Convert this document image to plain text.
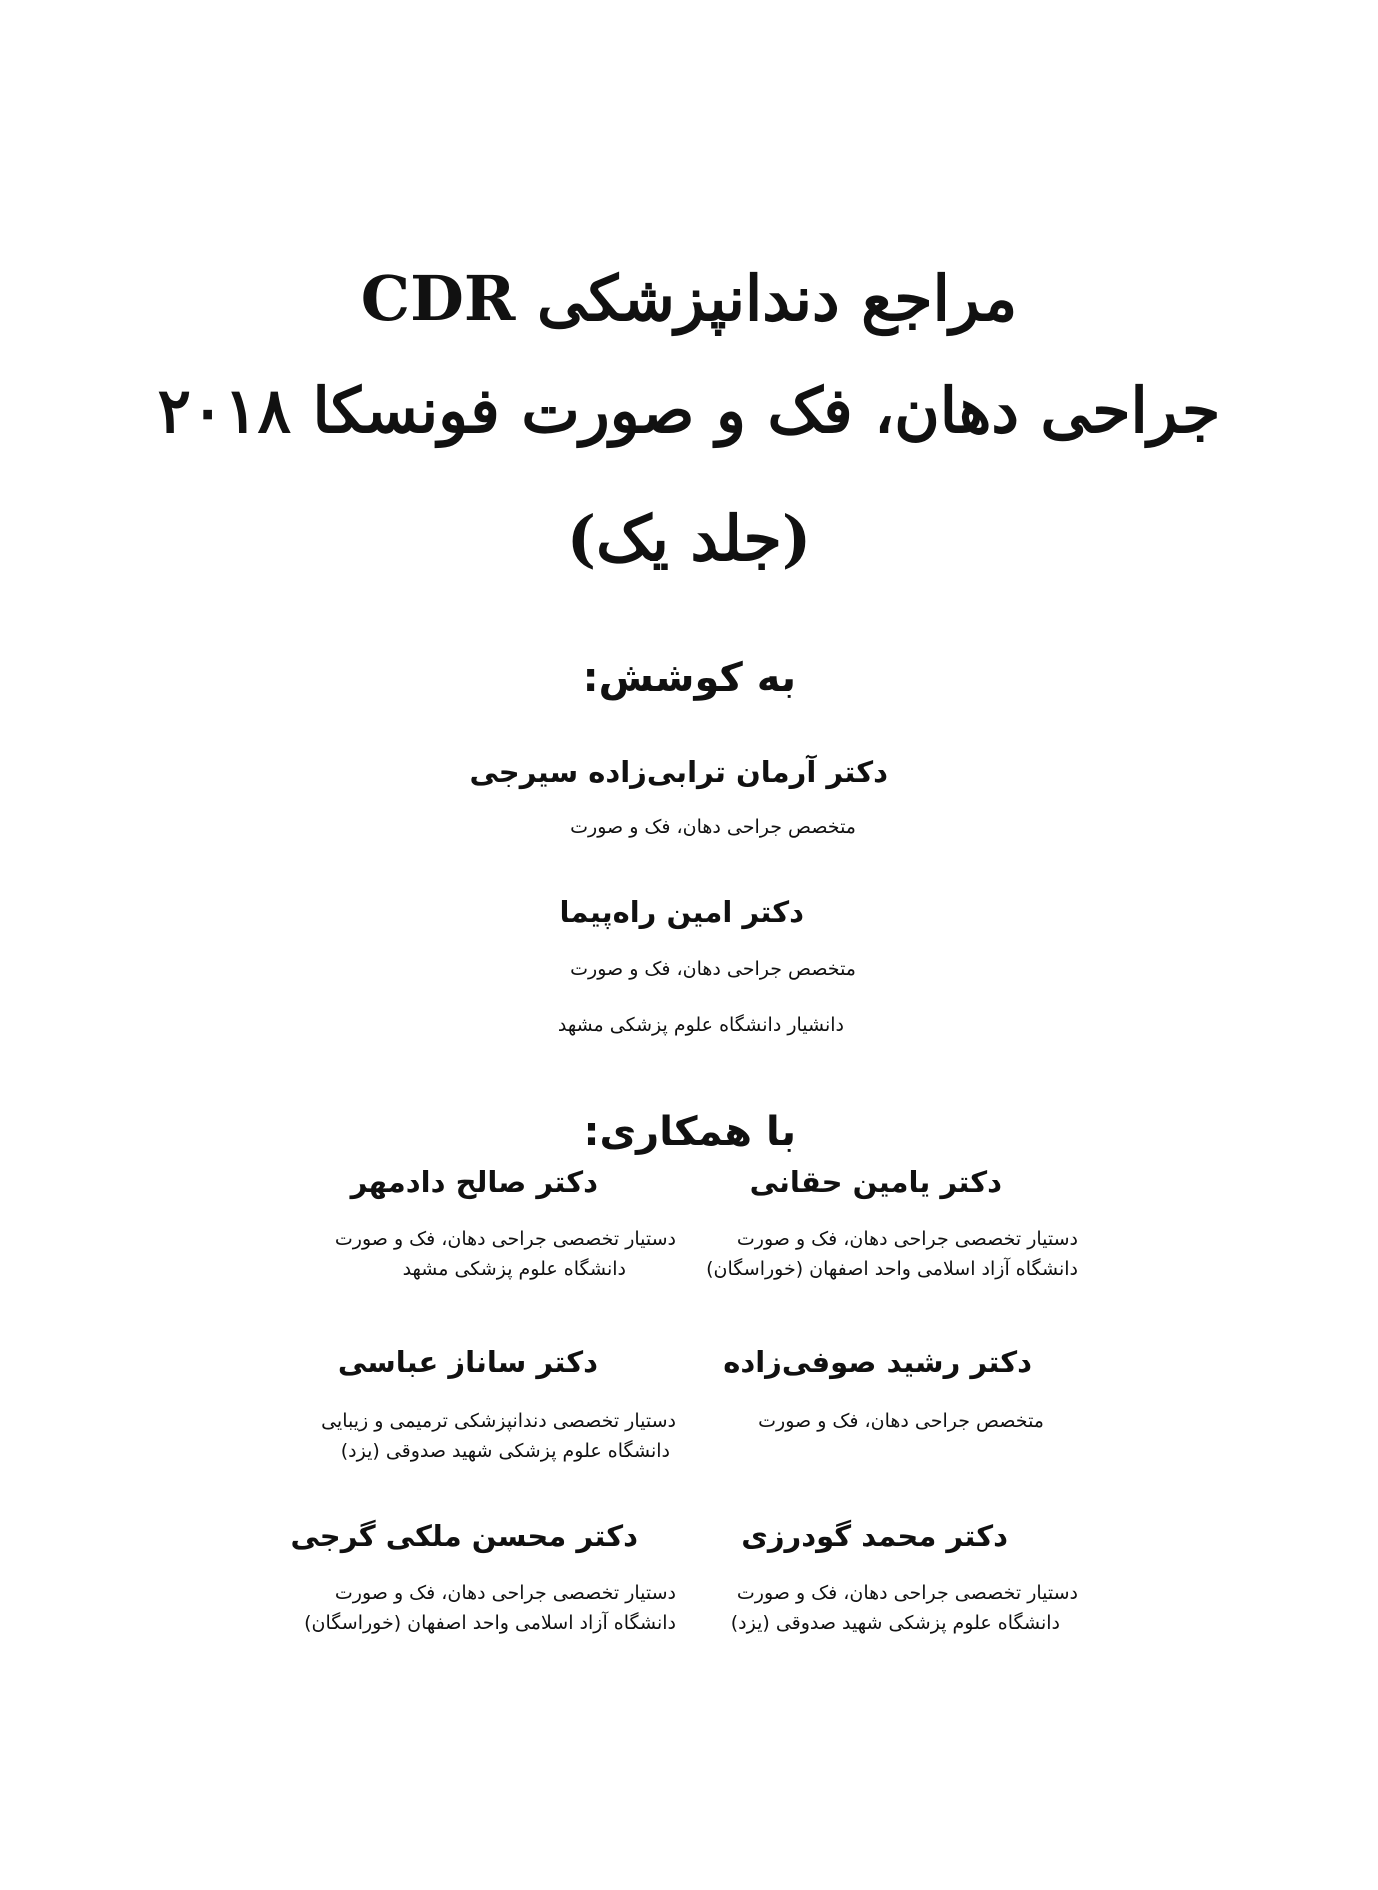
مراجع دندانپزشکی CDR
جراحی دهان، فک و صورت فونسکا ۲۰۱۸
(جلد یک)
به کوشش:
دکتر آرمان ترابی‌زاده سیرجی
متخصص جراحی دهان، فک و صورت
دکتر امین راه‌پیما
متخصص جراحی دهان، فک و صورت
دانشیار دانشگاه علوم پزشکی مشهد
با همکاری:
دکتر یامین حقانی
دستیار تخصصی جراحی دهان، فک و صورت
دانشگاه آزاد اسلامی واحد اصفهان (خوراسگان)
دکتر رشید صوفی‌زاده
متخصص جراحی دهان، فک و صورت
دکتر محمد گودرزی
دستیار تخصصی جراحی دهان، فک و صورت
دانشگاه علوم پزشکی شهید صدوقی (یزد)
دکتر صالح دادمهر
دستیار تخصصی جراحی دهان، فک و صورت
دانشگاه علوم پزشکی مشهد
دکتر ساناز عباسی
دستیار تخصصی دندانپزشکی ترمیمی و زیبایی
دانشگاه علوم پزشکی شهید صدوقی (یزد)
دکتر محسن ملکی گرجی
دستیار تخصصی جراحی دهان، فک و صورت
دانشگاه آزاد اسلامی واحد اصفهان (خوراسگان)
